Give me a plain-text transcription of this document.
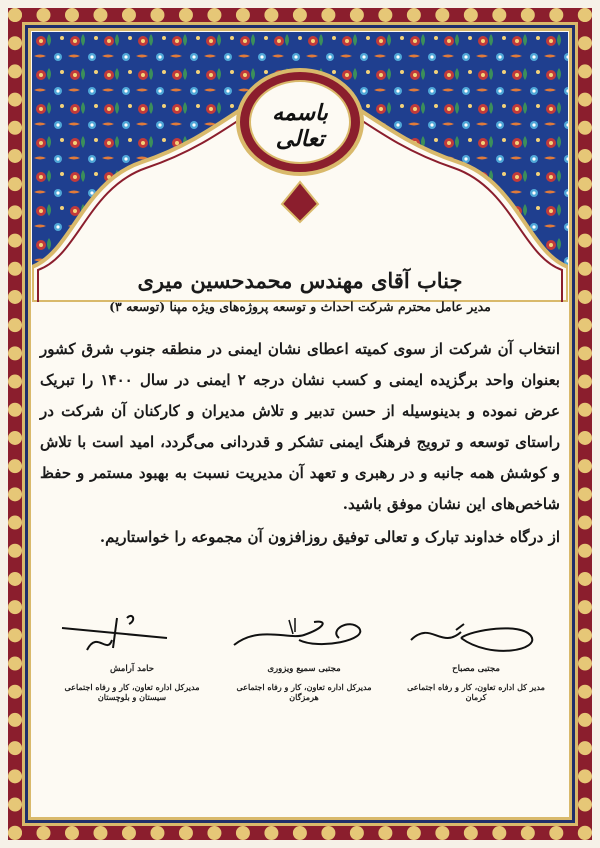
باسمه تعالی
جناب آقای مهندس محمدحسین میری
مدیر عامل محترم شرکت احداث و توسعه پروژه‌های ویژه مپنا (توسعه ۳)

انتخاب آن شرکت از سوی کمیته اعطای نشان ایمنی در منطقه جنوب شرق کشور بعنوان واحد برگزیده ایمنی و کسب نشان درجه ۲ ایمنی در سال ۱۴۰۰ را تبریک عرض نموده و بدینوسیله از حسن تدبیر و تلاش مدیران و کارکنان آن شرکت در راستای توسعه و ترویج فرهنگ ایمنی تشکر و قدردانی می‌گردد، امید است با تلاش و کوشش همه جانبه و در رهبری و تعهد آن مدیریت نسبت به بهبود مستمر و حفظ شاخص‌های این نشان موفق باشید.

از درگاه خداوند تبارک و تعالی توفیق روزافزون آن مجموعه را خواستاریم.
مجتبی مصباح
مدیر کل اداره تعاون، کار و رفاه اجتماعی کرمان
مجتبی سمیع ویزوری
مدیرکل اداره تعاون، کار و رفاه اجتماعی هرمزگان
حامد آرامش
مدیرکل اداره تعاون، کار و رفاه اجتماعی سیستان و بلوچستان
